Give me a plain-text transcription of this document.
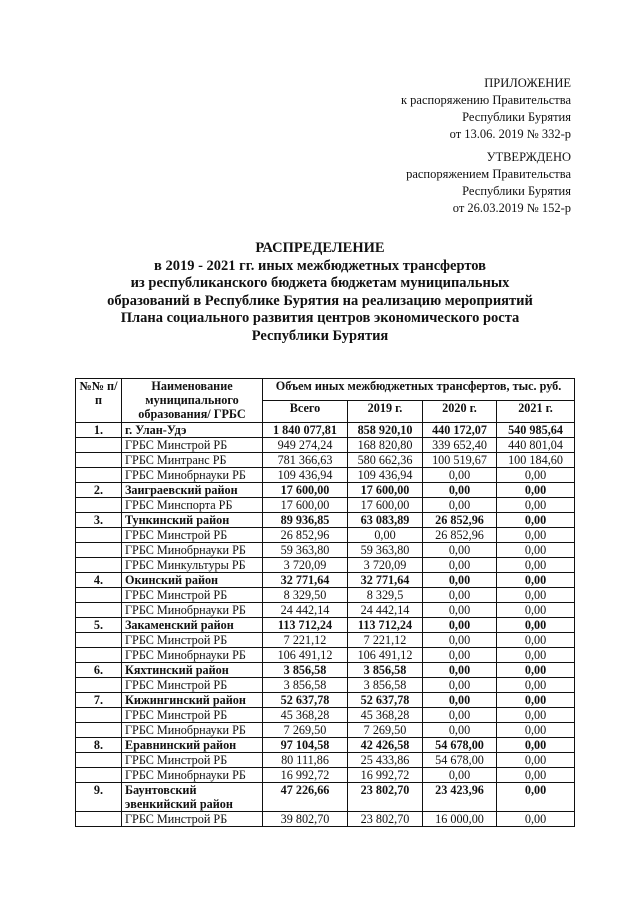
ПРИЛОЖЕНИЕ
к распоряжению Правительства
Республики Бурятия
от 13.06. 2019 № 332-р
УТВЕРЖДЕНО
распоряжением Правительства
Республики Бурятия
от 26.03.2019 № 152-р
РАСПРЕДЕЛЕНИЕ
в 2019 - 2021 гг. иных межбюджетных трансфертов
из республиканского бюджета бюджетам муниципальных
образований в Республике Бурятия на реализацию мероприятий
Плана социального развития центров экономического роста
Республики Бурятия
№№ п/п	Наименование муниципального образования/ ГРБС	Объем иных межбюджетных трансфертов, тыс. руб.			
		Всего	2019 г.	2020 г.	2021 г.
1.	г. Улан-Удэ	1 840 077,81	858 920,10	440 172,07	540 985,64
	ГРБС Минстрой РБ	949 274,24	168 820,80	339 652,40	440 801,04
	ГРБС Минтранс РБ	781 366,63	580 662,36	100 519,67	100 184,60
	ГРБС Минобрнауки РБ	109 436,94	109 436,94	0,00	0,00
2.	Заиграевский район	17 600,00	17 600,00	0,00	0,00
	ГРБС Минспорта РБ	17 600,00	17 600,00	0,00	0,00
3.	Тункинский район	89 936,85	63 083,89	26 852,96	0,00
	ГРБС Минстрой РБ	26 852,96	0,00	26 852,96	0,00
	ГРБС Минобрнауки РБ	59 363,80	59 363,80	0,00	0,00
	ГРБС Минкультуры РБ	3 720,09	3 720,09	0,00	0,00
4.	Окинский район	32 771,64	32 771,64	0,00	0,00
	ГРБС Минстрой РБ	8 329,50	8 329,5	0,00	0,00
	ГРБС Минобрнауки РБ	24 442,14	24 442,14	0,00	0,00
5.	Закаменский район	113 712,24	113 712,24	0,00	0,00
	ГРБС Минстрой РБ	7 221,12	7 221,12	0,00	0,00
	ГРБС Минобрнауки РБ	106 491,12	106 491,12	0,00	0,00
6.	Кяхтинский район	3 856,58	3 856,58	0,00	0,00
	ГРБС Минстрой РБ	3 856,58	3 856,58	0,00	0,00
7.	Кижингинский район	52 637,78	52 637,78	0,00	0,00
	ГРБС Минстрой РБ	45 368,28	45 368,28	0,00	0,00
	ГРБС Минобрнауки РБ	7 269,50	7 269,50	0,00	0,00
8.	Еравнинский район	97 104,58	42 426,58	54 678,00	0,00
	ГРБС Минстрой РБ	80 111,86	25 433,86	54 678,00	0,00
	ГРБС Минобрнауки РБ	16 992,72	16 992,72	0,00	0,00
9.	Баунтовский эвенкийский район	47 226,66	23 802,70	23 423,96	0,00
	ГРБС Минстрой РБ	39 802,70	23 802,70	16 000,00	0,00
